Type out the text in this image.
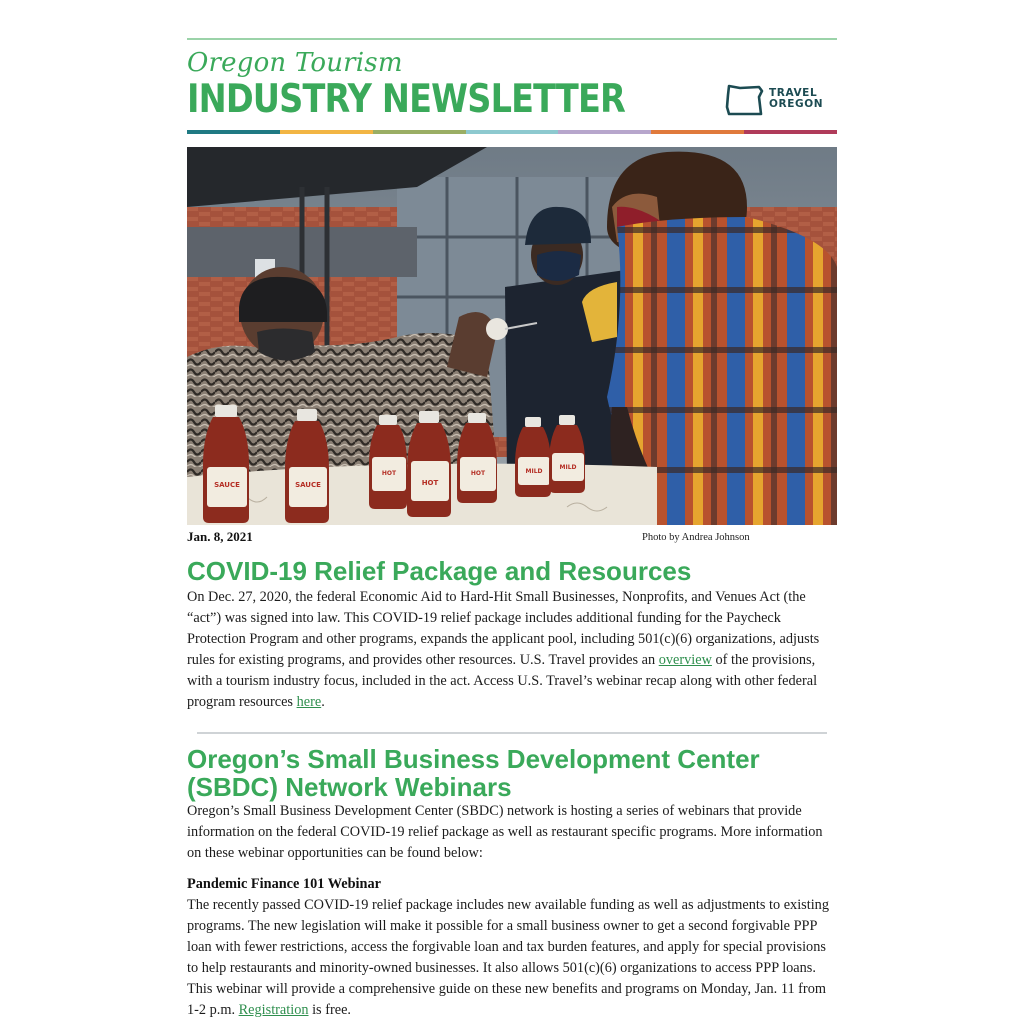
Oregon Tourism
INDUSTRY NEWSLETTER	TRAVEL
OREGON
SAUCE	SAUCE
HOT
HOT
HOT	MILD
MILD
Jan. 8, 2021	Photo by Andrea Johnson
COVID-19 Relief Package and Resources

On Dec. 27, 2020, the federal Economic Aid to Hard-Hit Small Businesses, Nonprofits, and Venues Act (the “act”) was signed into law. This COVID-19 relief package includes additional funding for the Paycheck Protection Program and other programs, expands the applicant pool, including 501(c)(6) organizations, adjusts rules for existing programs, and provides other resources. U.S. Travel provides an overview of the provisions, with a tourism industry focus, included in the act. Access U.S. Travel’s webinar recap along with other federal program resources here.

Oregon’s Small Business Development Center (SBDC) Network Webinars

Oregon’s Small Business Development Center (SBDC) network is hosting a series of webinars that provide information on the federal COVID-19 relief package as well as restaurant specific programs. More information on these webinar opportunities can be found below:

Pandemic Finance 101 Webinar

The recently passed COVID-19 relief package includes new available funding as well as adjustments to existing programs. The new legislation will make it possible for a small business owner to get a second forgivable PPP loan with fewer restrictions, access the forgivable loan and tax burden features, and apply for special provisions to help restaurants and minority-owned businesses. It also allows 501(c)(6) organizations to access PPP loans. This webinar will provide a comprehensive guide on these new benefits and programs on Monday, Jan. 11 from 1-2 p.m. Registration is free.
